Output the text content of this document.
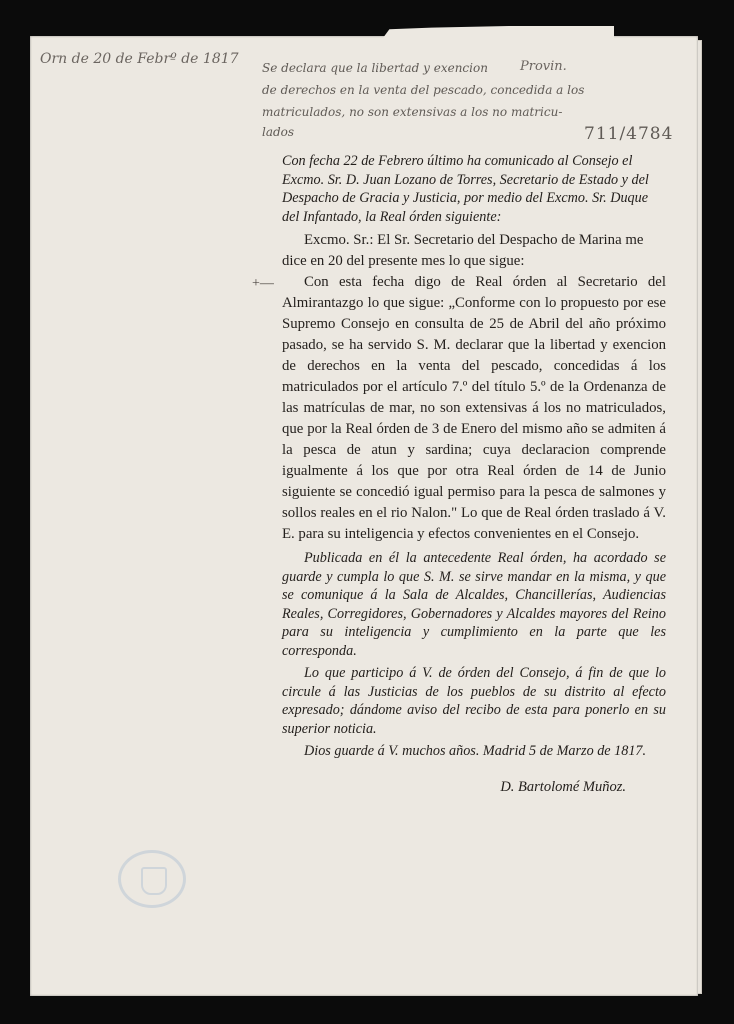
Orn de 20 de Febrº de 1817
Se declara que la libertad y exencion Provin.
de derechos en la venta del pescado, concedida a los
matriculados, no son extensivas a los no matricu-
lados	711/4784
+—

Con fecha 22 de Febrero último ha comunicado al Consejo el Excmo. Sr. D. Juan Lozano de Torres, Secretario de Estado y del Despacho de Gracia y Justicia, por medio del Excmo. Sr. Duque del Infantado, la Real órden siguiente:

Excmo. Sr.: El Sr. Secretario del Despacho de Marina me dice en 20 del presente mes lo que sigue:

Con esta fecha digo de Real órden al Secretario del Almirantazgo lo que sigue: „Conforme con lo propuesto por ese Supremo Consejo en consulta de 25 de Abril del año próximo pasado, se ha servido S. M. declarar que la libertad y exencion de derechos en la venta del pescado, concedidas á los matriculados por el artículo 7.º del título 5.º de la Ordenanza de las matrículas de mar, no son extensivas á los no matriculados, que por la Real órden de 3 de Enero del mismo año se admiten á la pesca de atun y sardina; cuya declaracion comprende igualmente á los que por otra Real órden de 14 de Junio siguiente se concedió igual permiso para la pesca de salmones y sollos reales en el rio Nalon." Lo que de Real órden traslado á V. E. para su inteligencia y efectos convenientes en el Consejo.

Publicada en él la antecedente Real órden, ha acordado se guarde y cumpla lo que S. M. se sirve mandar en la misma, y que se comunique á la Sala de Alcaldes, Chancillerías, Audiencias Reales, Corregidores, Gobernadores y Alcaldes mayores del Reino para su inteligencia y cumplimiento en la parte que les corresponda.

Lo que participo á V. de órden del Consejo, á fin de que lo circule á las Justicias de los pueblos de su distrito al efecto expresado; dándome aviso del recibo de esta para ponerlo en su superior noticia.

Dios guarde á V. muchos años. Madrid 5 de Marzo de 1817.

D. Bartolomé Muñoz.
